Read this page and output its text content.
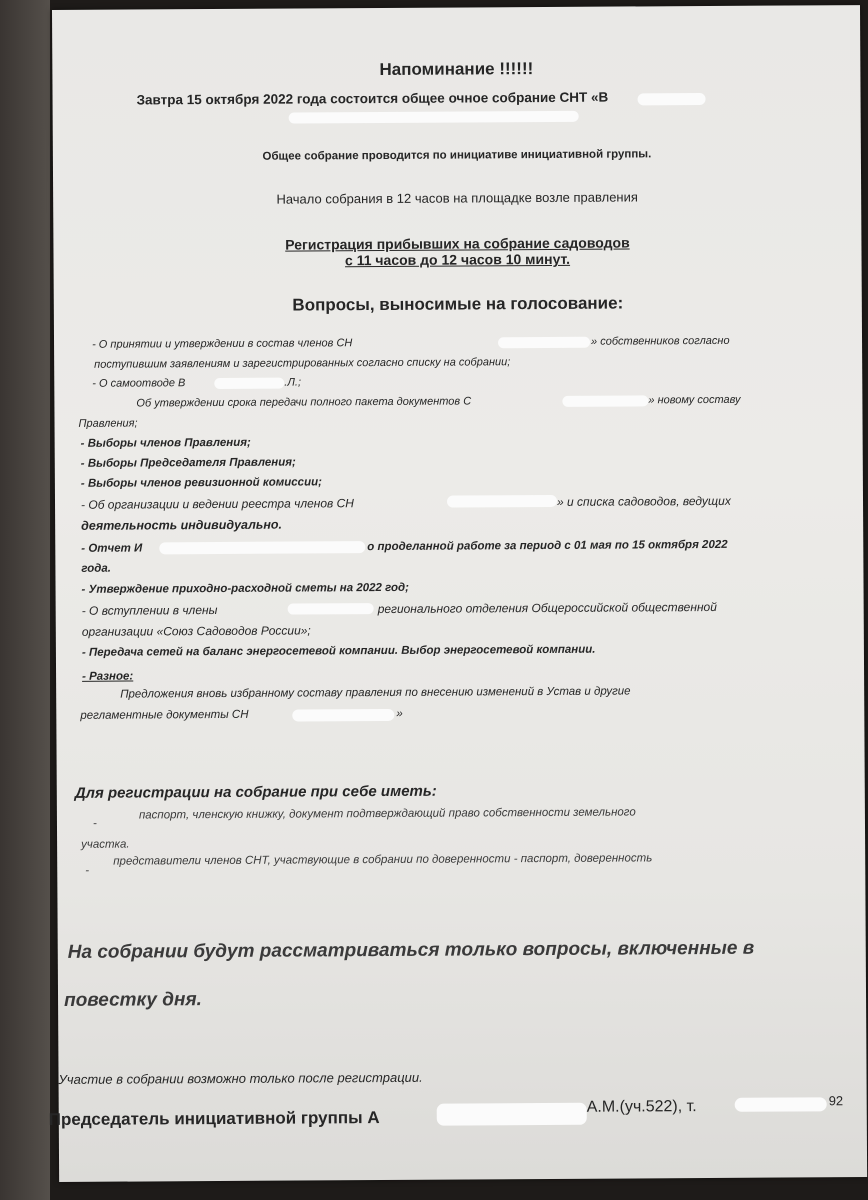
Напоминание !!!!!!
Завтра 15 октября 2022 года состоится общее очное собрание СНТ «В
Общее собрание проводится по инициативе инициативной группы.
Начало собрания в 12 часов на площадке возле правления
Регистрация прибывших на собрание садоводов
с 11 часов до 12 часов 10 минут.
Вопросы, выносимые на голосование:
- О принятии и утверждении в состав членов СН	» собственников согласно
поступившим заявлениям и зарегистрированных согласно списку на собрании;
- О самоотводе В	.Л.;
Об утверждении срока передачи полного пакета документов С	» новому составу
Правления;
- Выборы членов Правления;
- Выборы Председателя Правления;
- Выборы членов ревизионной комиссии;
- Об организации и ведении реестра членов СН	» и списка садоводов, ведущих
деятельность индивидуально.
- Отчет И	о проделанной работе за период с 01 мая по 15 октября 2022
года.
- Утверждение приходно-расходной сметы на 2022 год;
- О вступлении в члены	регионального отделения Общероссийской общественной
организации «Союз Садоводов России»;
- Передача сетей на баланс энергосетевой компании. Выбор энергосетевой компании.
- Разное:
Предложения вновь избранному составу правления по внесению изменений в Устав и другие
регламентные документы СН	»
Для регистрации на собрание при себе иметь:
-
паспорт, членскую книжку, документ подтверждающий право собственности земельного
участка.
-
представители членов СНТ, участвующие в собрании по доверенности - паспорт, доверенность
На собрании будут рассматриваться только вопросы, включенные в
повестку дня.
Участие в собрании возможно только после регистрации.
Председатель инициативной группы А
А.М.(уч.522), т.	92
